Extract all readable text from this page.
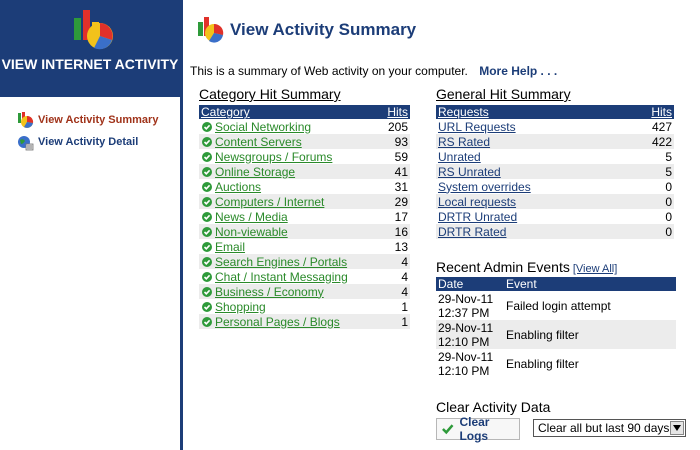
VIEW INTERNET ACTIVITY
View Activity Summary
View Activity Detail
View Activity Summary
This is a summary of Web activity on your computer. More Help . . .
Category Hit Summary
Category	Hits
Social Networking	205
Content Servers	93
Newsgroups / Forums	59
Online Storage	41
Auctions	31
Computers / Internet	29
News / Media	17
Non-viewable	16
Email	13
Search Engines / Portals	4
Chat / Instant Messaging	4
Business / Economy	4
Shopping	1
Personal Pages / Blogs	1
General Hit Summary
Requests	Hits
URL Requests	427
RS Rated	422
Unrated	5
RS Unrated	5
System overrides	0
Local requests	0
DRTR Unrated	0
DRTR Rated	0
Recent Admin Events [View All]
Date	Event

29-Nov-11
12:37 PM	Failed login attempt

29-Nov-11
12:10 PM	Enabling filter

29-Nov-11
12:10 PM	Enabling filter
Clear Activity Data
Clear Logs
Clear all but last 90 days
